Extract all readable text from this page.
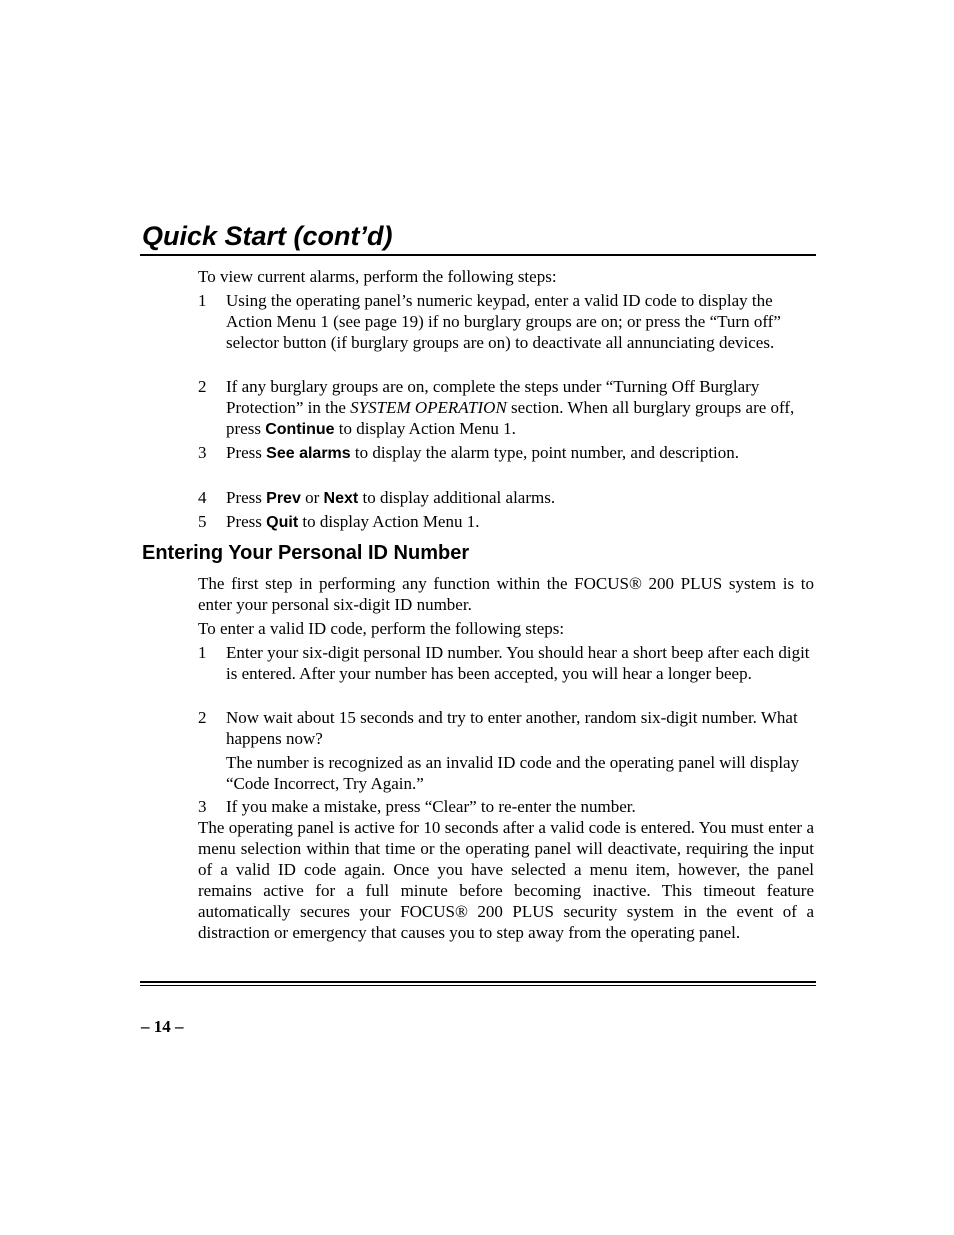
Quick Start (cont’d)
To view current alarms, perform the following steps:
1 Using the operating panel’s numeric keypad, enter a valid ID code to display the Action Menu 1 (see page 19) if no burglary groups are on; or press the “Turn off” selector button (if burglary groups are on) to deactivate all annunciating devices.
2 If any burglary groups are on, complete the steps under “Turning Off Burglary Protection” in the SYSTEM OPERATION section. When all burglary groups are off, press Continue to display Action Menu 1.
3 Press See alarms to display the alarm type, point number, and description.
4 Press Prev or Next to display additional alarms.
5 Press Quit to display Action Menu 1.
Entering Your Personal ID Number
The first step in performing any function within the FOCUS® 200 PLUS system is to enter your personal six-digit ID number.
To enter a valid ID code, perform the following steps:
1 Enter your six-digit personal ID number. You should hear a short beep after each digit is entered. After your number has been accepted, you will hear a longer beep.
2 Now wait about 15 seconds and try to enter another, random six-digit number. What happens now?
The number is recognized as an invalid ID code and the operating panel will display “Code Incorrect, Try Again.”
3 If you make a mistake, press “Clear” to re-enter the number.
The operating panel is active for 10 seconds after a valid code is entered. You must enter a menu selection within that time or the operating panel will deactivate, requiring the input of a valid ID code again. Once you have selected a menu item, however, the panel remains active for a full minute before becoming inactive. This timeout feature automatically secures your FOCUS® 200 PLUS security system in the event of a distraction or emergency that causes you to step away from the operating panel.
– 14 –
